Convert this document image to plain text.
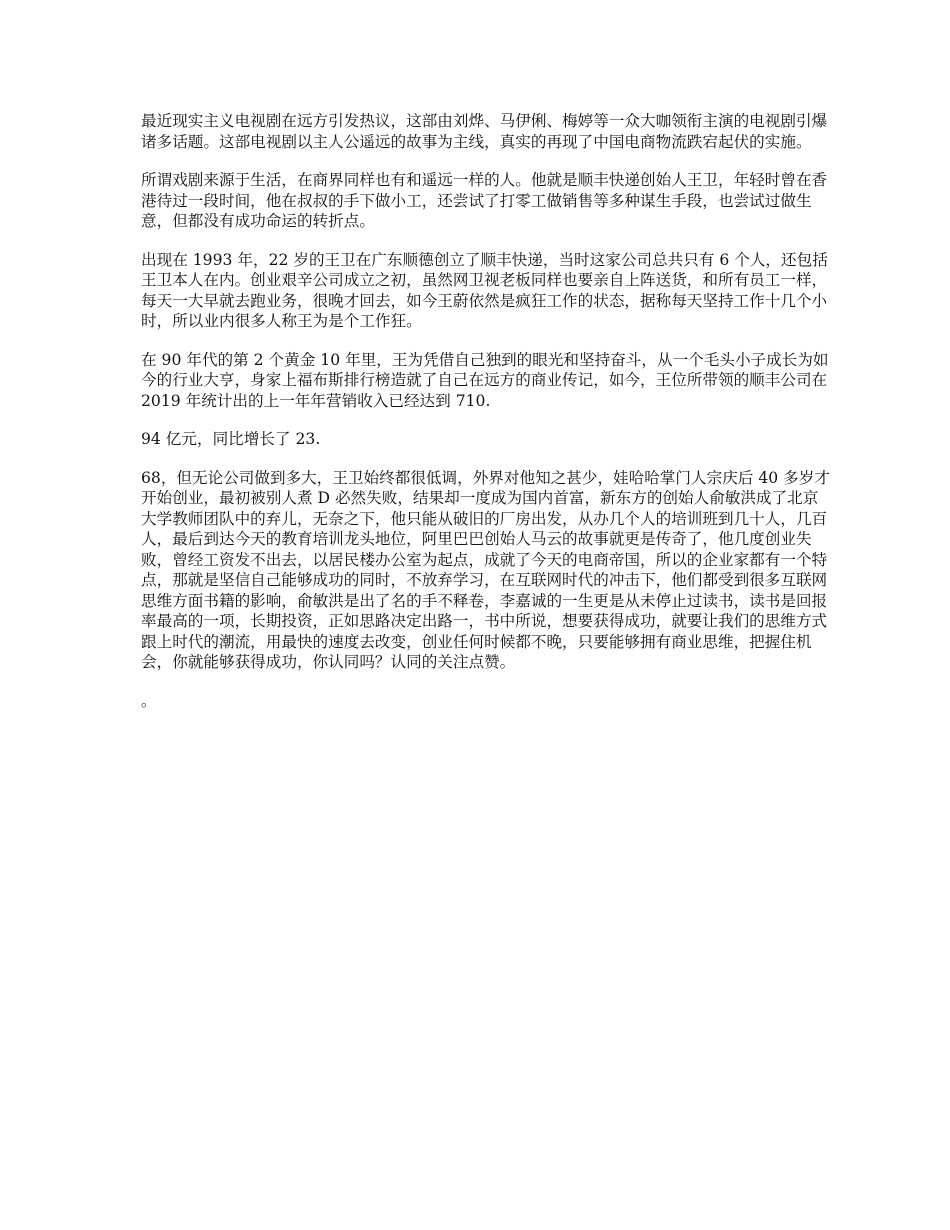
最近现实主义电视剧在远方引发热议，这部由刘烨、马伊俐、梅婷等一众大咖领衔主演的电视剧引爆诸多话题。这部电视剧以主人公遥远的故事为主线，真实的再现了中国电商物流跌宕起伏的实施。

所谓戏剧来源于生活，在商界同样也有和遥远一样的人。他就是顺丰快递创始人王卫，年轻时曾在香港待过一段时间，他在叔叔的手下做小工，还尝试了打零工做销售等多种谋生手段，也尝试过做生意，但都没有成功命运的转折点。

出现在 1993 年，22 岁的王卫在广东顺德创立了顺丰快递，当时这家公司总共只有 6 个人，还包括王卫本人在内。创业艰辛公司成立之初，虽然网卫视老板同样也要亲自上阵送货，和所有员工一样，每天一大早就去跑业务，很晚才回去，如今王蔚依然是疯狂工作的状态，据称每天坚持工作十几个小时，所以业内很多人称王为是个工作狂。

在 90 年代的第 2 个黄金 10 年里，王为凭借自己独到的眼光和坚持奋斗，从一个毛头小子成长为如今的行业大亨，身家上福布斯排行榜造就了自己在远方的商业传记，如今，王位所带领的顺丰公司在 2019 年统计出的上一年年营销收入已经达到 710.

94 亿元，同比增长了 23.

68，但无论公司做到多大，王卫始终都很低调，外界对他知之甚少，娃哈哈掌门人宗庆后 40 多岁才开始创业，最初被别人煮 D 必然失败，结果却一度成为国内首富，新东方的创始人俞敏洪成了北京大学教师团队中的弃儿，无奈之下，他只能从破旧的厂房出发，从办几个人的培训班到几十人，几百人，最后到达今天的教育培训龙头地位，阿里巴巴创始人马云的故事就更是传奇了，他几度创业失败，曾经工资发不出去，以居民楼办公室为起点，成就了今天的电商帝国，所以的企业家都有一个特点，那就是坚信自己能够成功的同时，不放弃学习，在互联网时代的冲击下，他们都受到很多互联网思维方面书籍的影响，俞敏洪是出了名的手不释卷，李嘉诚的一生更是从未停止过读书，读书是回报率最高的一项，长期投资，正如思路决定出路一，书中所说，想要获得成功，就要让我们的思维方式跟上时代的潮流，用最快的速度去改变，创业任何时候都不晚，只要能够拥有商业思维，把握住机会，你就能够获得成功，你认同吗？认同的关注点赞。

。
